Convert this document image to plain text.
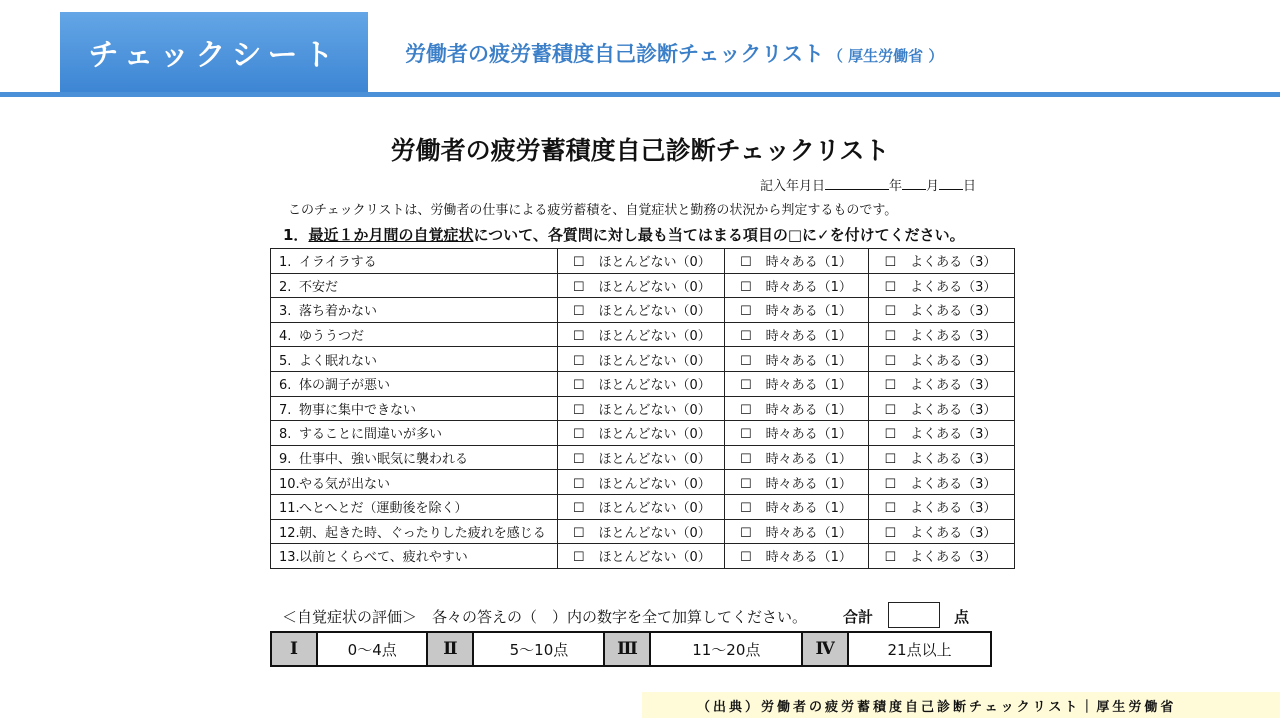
チェックシート	労働者の疲労蓄積度自己診断チェックリスト （ 厚生労働省 ）
労働者の疲労蓄積度自己診断チェックリスト
記入年月日	年 月 日
このチェックリストは、労働者の仕事による疲労蓄積を、自覚症状と勤務の状況から判定するものです。
1．最近１か月間の自覚症状について、各質問に対し最も当てはまる項目の□に✓を付けてください。
1. イライラする	☐ ほとんどない（0）	☐ 時々ある（1）	☐ よくある（3）
2. 不安だ	☐ ほとんどない（0）	☐ 時々ある（1）	☐ よくある（3）
3. 落ち着かない	☐ ほとんどない（0）	☐ 時々ある（1）	☐ よくある（3）
4. ゆううつだ	☐ ほとんどない（0）	☐ 時々ある（1）	☐ よくある（3）
5. よく眠れない	☐ ほとんどない（0）	☐ 時々ある（1）	☐ よくある（3）
6. 体の調子が悪い	☐ ほとんどない（0）	☐ 時々ある（1）	☐ よくある（3）
7. 物事に集中できない	☐ ほとんどない（0）	☐ 時々ある（1）	☐ よくある（3）
8. することに間違いが多い	☐ ほとんどない（0）	☐ 時々ある（1）	☐ よくある（3）
9. 仕事中、強い眠気に襲われる	☐ ほとんどない（0）	☐ 時々ある（1）	☐ よくある（3）
10.やる気が出ない	☐ ほとんどない（0）	☐ 時々ある（1）	☐ よくある（3）
11.へとへとだ（運動後を除く）	☐ ほとんどない（0）	☐ 時々ある（1）	☐ よくある（3）
12.朝、起きた時、ぐったりした疲れを感じる	☐ ほとんどない（0）	☐ 時々ある（1）	☐ よくある（3）
13.以前とくらべて、疲れやすい	☐ ほとんどない（0）	☐ 時々ある（1）	☐ よくある（3）
＜自覚症状の評価＞　各々の答えの（　）内の数字を全て加算してください。 合計	点
Ⅰ	0～4点	Ⅱ	5～10点	Ⅲ	11～20点	Ⅳ	21点以上
（出典）労働者の疲労蓄積度自己診断チェックリスト｜厚生労働省
